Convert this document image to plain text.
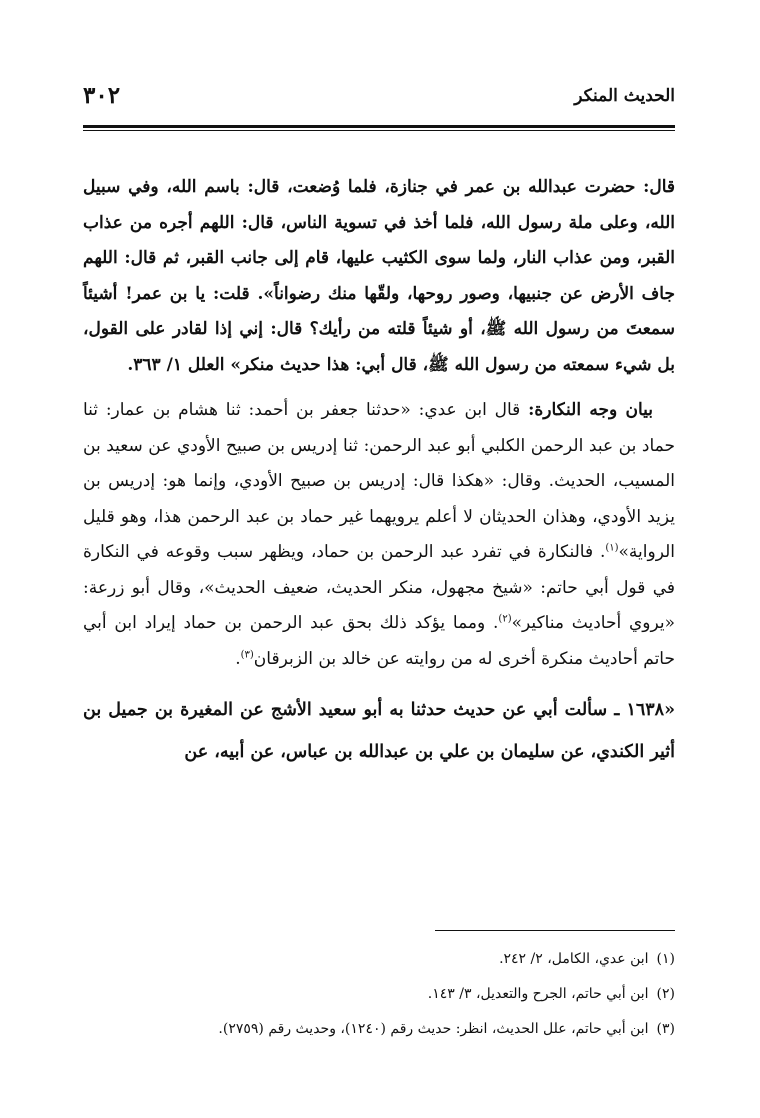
الحديث المنكر
٣٠٢

قال: حضرت عبدالله بن عمر في جنازة، فلما وُضعت، قال: باسم الله، وفي سبيل الله، وعلى ملة رسول الله، فلما أخذ في تسوية الناس، قال: اللهم أجره من عذاب القبر، ومن عذاب النار، ولما سوى الكثيب عليها، قام إلى جانب القبر، ثم قال: اللهم جاف الأرض عن جنبيها، وصور روحها، ولقّها منك رضواناً». قلت: يا بن عمر! أشيئاً سمعتَ من رسول الله ﷺ، أو شيئاً قلته من رأيك؟ قال: إني إذا لقادر على القول، بل شيء سمعته من رسول الله ﷺ، قال أبي: هذا حديث منكر» العلل ١/ ٣٦٣.

بيان وجه النكارة: قال ابن عدي: «حدثنا جعفر بن أحمد: ثنا هشام بن عمار: ثنا حماد بن عبد الرحمن الكلبي أبو عبد الرحمن: ثنا إدريس بن صبيح الأودي عن سعيد بن المسيب، الحديث. وقال: «هكذا قال: إدريس بن صبيح الأودي، وإنما هو: إدريس بن يزيد الأودي، وهذان الحديثان لا أعلم يرويهما غير حماد بن عبد الرحمن هذا، وهو قليل الرواية»$^{(١)}$. فالنكارة في تفرد عبد الرحمن بن حماد، ويظهر سبب وقوعه في النكارة في قول أبي حاتم: «شيخ مجهول، منكر الحديث، ضعيف الحديث»، وقال أبو زرعة: «يروي أحاديث مناكير»$^{(٢)}$. ومما يؤكد ذلك بحق عبد الرحمن بن حماد إيراد ابن أبي حاتم أحاديث منكرة أخرى له من روايته عن خالد بن الزبرقان$^{(٣)}$.

«١٦٣٨ ـ سألت أبي عن حديث حدثنا به أبو سعيد الأشج عن المغيرة بن جميل بن أثير الكندي، عن سليمان بن علي بن عبدالله بن عباس، عن أبيه، عن

(١)ابن عدي، الكامل، ٢/ ٢٤٢.

(٢)ابن أبي حاتم، الجرح والتعديل، ٣/ ١٤٣.

(٣)ابن أبي حاتم، علل الحديث، انظر: حديث رقم (١٢٤٠)، وحديث رقم (٢٧٥٩).
